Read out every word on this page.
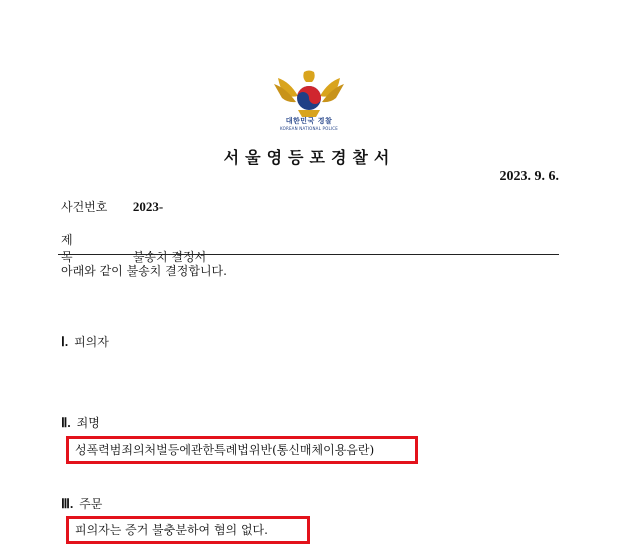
대한민국 경찰
KOREAN NATIONAL POLICE
서울영등포경찰서
2023. 9. 6.
사건번호 2023-
제목	불송치 결정서
아래와 같이 불송치 결정합니다.
Ⅰ. 피의자
Ⅱ. 죄명
성폭력범죄의처벌등에관한특례법위반(통신매체이용음란)
Ⅲ. 주문
피의자는 증거 불충분하여 혐의 없다.
